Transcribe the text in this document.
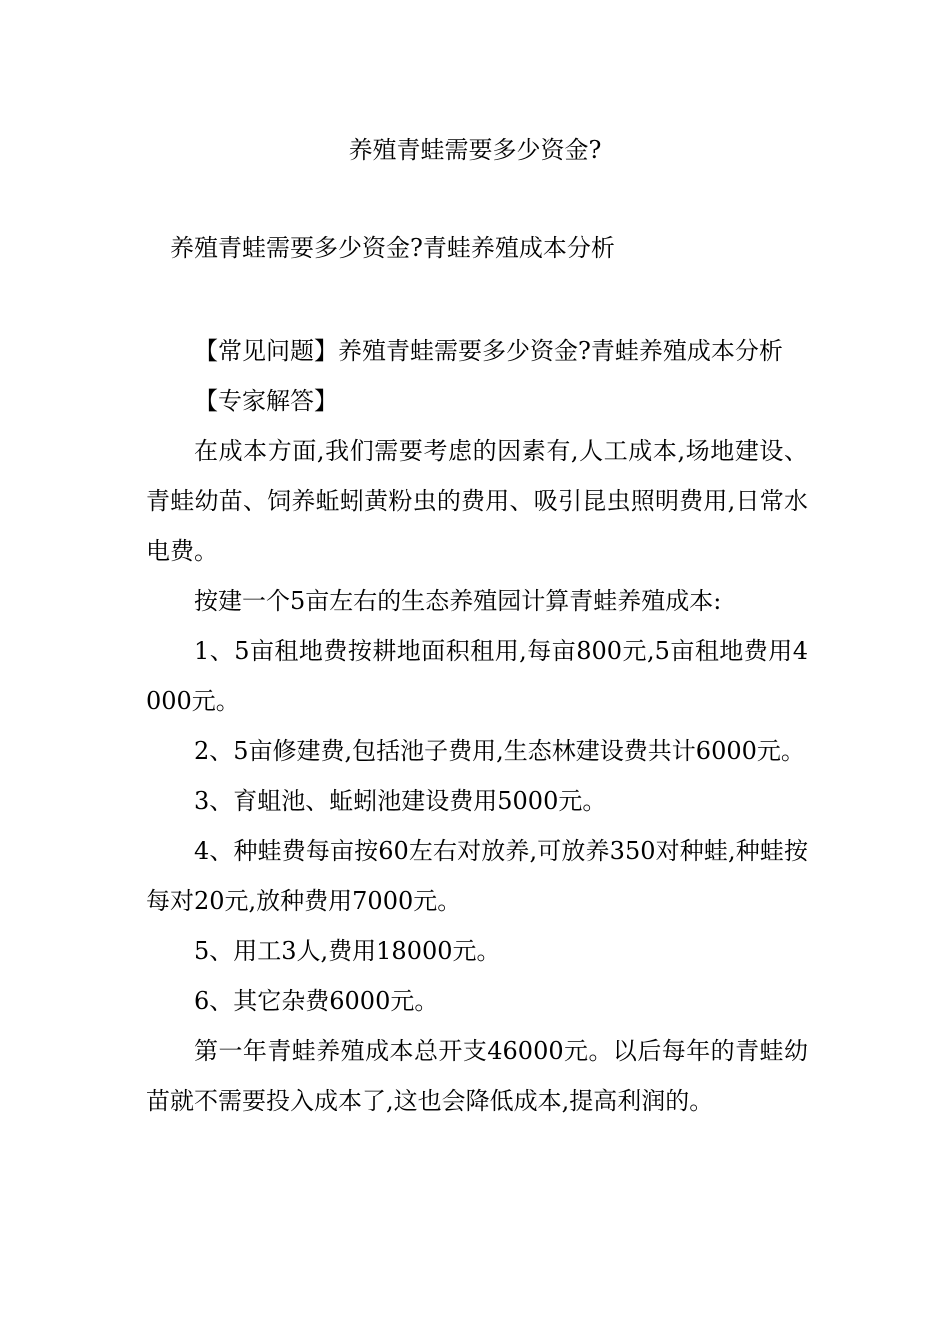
养殖青蛙需要多少资金?
养殖青蛙需要多少资金?青蛙养殖成本分析

【常见问题】养殖青蛙需要多少资金?青蛙养殖成本分析

【专家解答】

在成本方面,我们需要考虑的因素有,人工成本,场地建设、青蛙幼苗、饲养蚯蚓黄粉虫的费用、吸引昆虫照明费用,日常水电费。

按建一个5亩左右的生态养殖园计算青蛙养殖成本:

1、5亩租地费按耕地面积租用,每亩800元,5亩租地费用4000元。

2、5亩修建费,包括池子费用,生态林建设费共计6000元。

3、育蛆池、蚯蚓池建设费用5000元。

4、种蛙费每亩按60左右对放养,可放养350对种蛙,种蛙按每对20元,放种费用7000元。

5、用工3人,费用18000元。

6、其它杂费6000元。

第一年青蛙养殖成本总开支46000元。以后每年的青蛙幼苗就不需要投入成本了,这也会降低成本,提高利润的。
